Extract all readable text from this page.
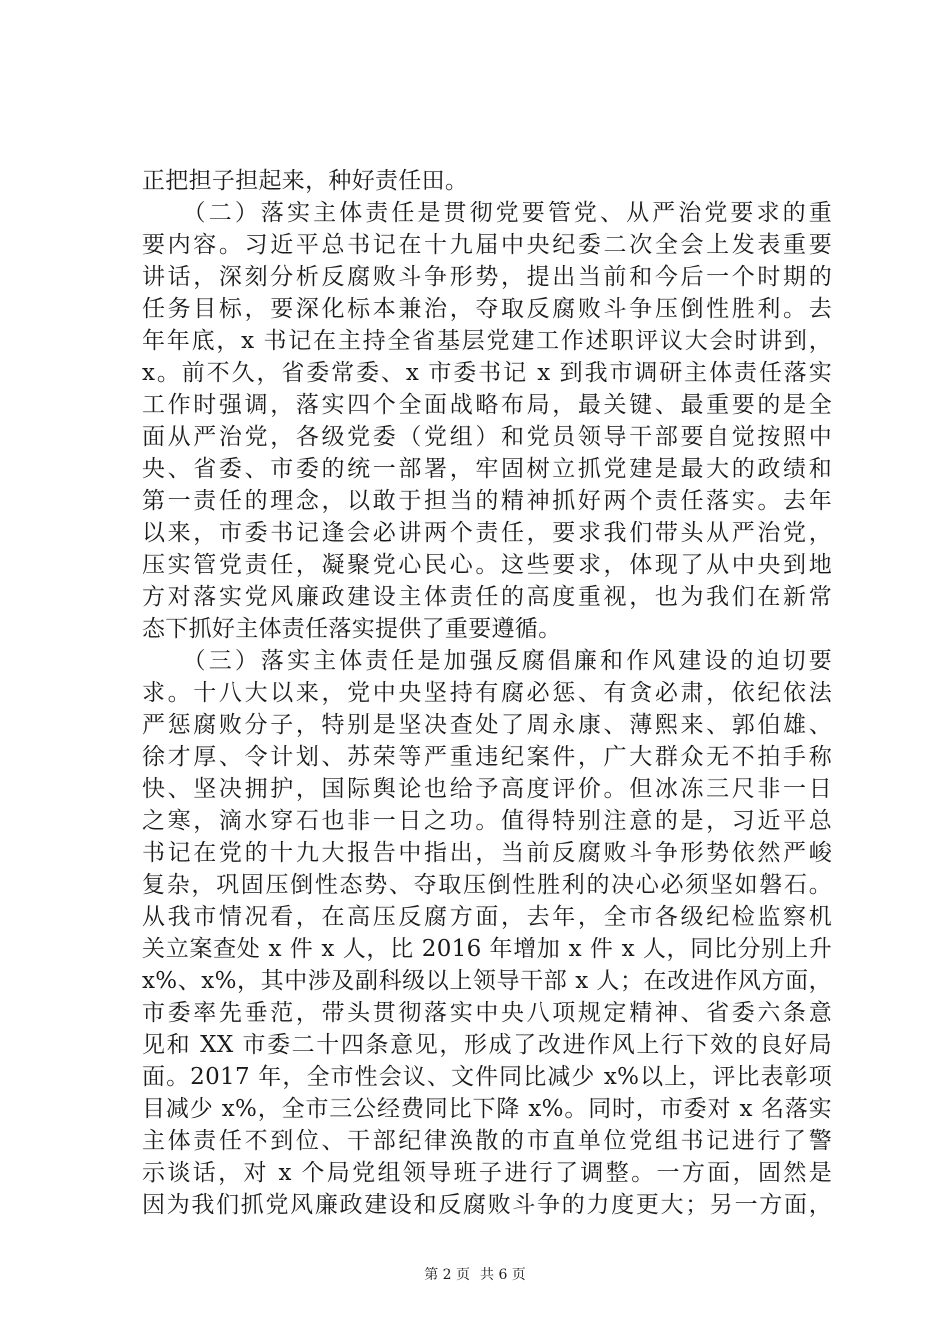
正把担子担起来，种好责任田。
　　（二）落实主体责任是贯彻党要管党、从严治党要求的重
要内容。习近平总书记在十九届中央纪委二次全会上发表重要
讲话，深刻分析反腐败斗争形势，提出当前和今后一个时期的
任务目标，要深化标本兼治，夺取反腐败斗争压倒性胜利。去
年年底，x 书记在主持全省基层党建工作述职评议大会时讲到，
x。前不久，省委常委、x 市委书记 x 到我市调研主体责任落实
工作时强调，落实四个全面战略布局，最关键、最重要的是全
面从严治党，各级党委（党组）和党员领导干部要自觉按照中
央、省委、市委的统一部署，牢固树立抓党建是最大的政绩和
第一责任的理念，以敢于担当的精神抓好两个责任落实。去年
以来，市委书记逢会必讲两个责任，要求我们带头从严治党，
压实管党责任，凝聚党心民心。这些要求，体现了从中央到地
方对落实党风廉政建设主体责任的高度重视，也为我们在新常
态下抓好主体责任落实提供了重要遵循。
　　（三）落实主体责任是加强反腐倡廉和作风建设的迫切要
求。十八大以来，党中央坚持有腐必惩、有贪必肃，依纪依法
严惩腐败分子，特别是坚决查处了周永康、薄熙来、郭伯雄、
徐才厚、令计划、苏荣等严重违纪案件，广大群众无不拍手称
快、坚决拥护，国际舆论也给予高度评价。但冰冻三尺非一日
之寒，滴水穿石也非一日之功。值得特别注意的是，习近平总
书记在党的十九大报告中指出，当前反腐败斗争形势依然严峻
复杂，巩固压倒性态势、夺取压倒性胜利的决心必须坚如磐石。
从我市情况看，在高压反腐方面，去年，全市各级纪检监察机
关立案查处 x 件 x 人，比 2016 年增加 x 件 x 人，同比分别上升
x%、x%，其中涉及副科级以上领导干部 x 人；在改进作风方面，
市委率先垂范，带头贯彻落实中央八项规定精神、省委六条意
见和 XX 市委二十四条意见，形成了改进作风上行下效的良好局
面。2017 年，全市性会议、文件同比减少 x%以上，评比表彰项
目减少 x%，全市三公经费同比下降 x%。同时，市委对 x 名落实
主体责任不到位、干部纪律涣散的市直单位党组书记进行了警
示谈话，对 x 个局党组领导班子进行了调整。一方面，固然是
因为我们抓党风廉政建设和反腐败斗争的力度更大；另一方面，
第 2 页 共 6 页
